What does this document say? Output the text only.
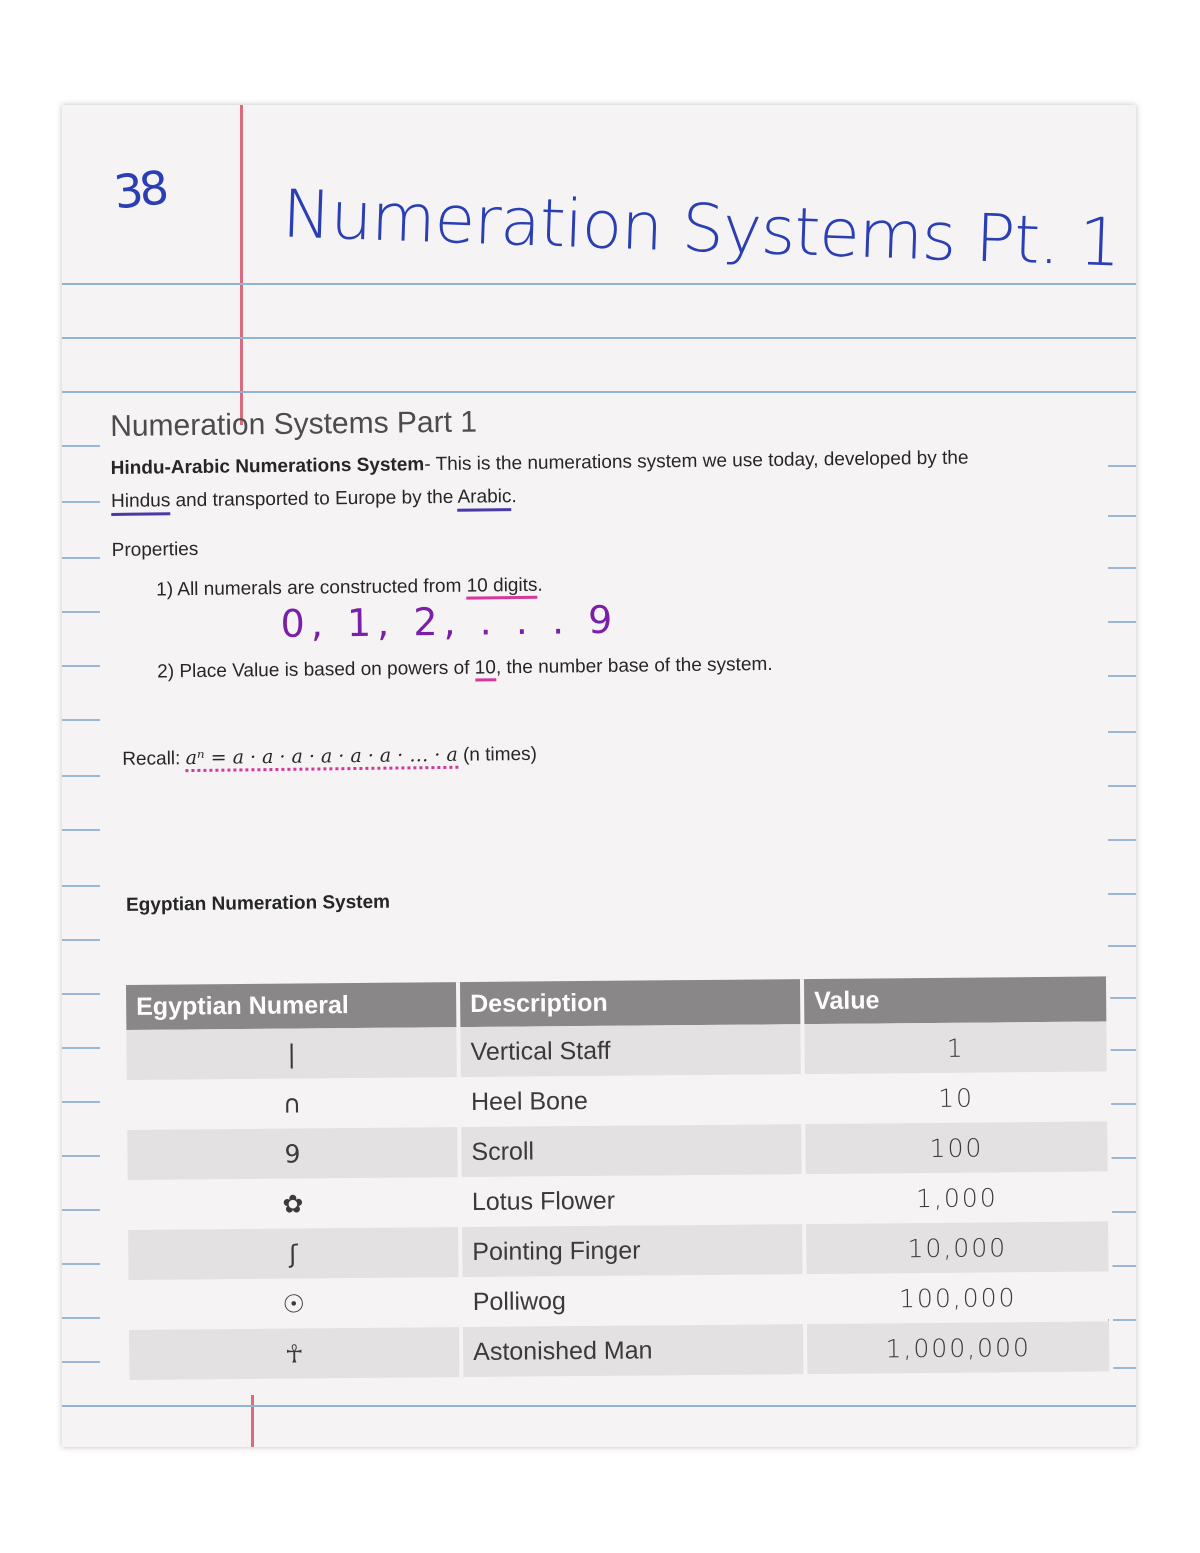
38 Numeration Systems Pt. 1
Numeration Systems Part 1

Hindu-Arabic Numerations System- This is the numerations system we use today, developed by the
Hindus and transported to Europe by the Arabic.

Properties
1) All numerals are constructed from 10 digits.
0, 1, 2, . . . 9
2) Place Value is based on powers of 10, the number base of the system.
Recall: aⁿ = a · a · a · a · a · a · … · a (n times)
Egyptian Numeration System
Egyptian Numeral	Description	Value
|	Vertical Staff	1
∩	Heel Bone	10
9	Scroll	100
✿	Lotus Flower	1,000
ʃ	Pointing Finger	10,000
☉	Polliwog	100,000
☥	Astonished Man	1,000,000
